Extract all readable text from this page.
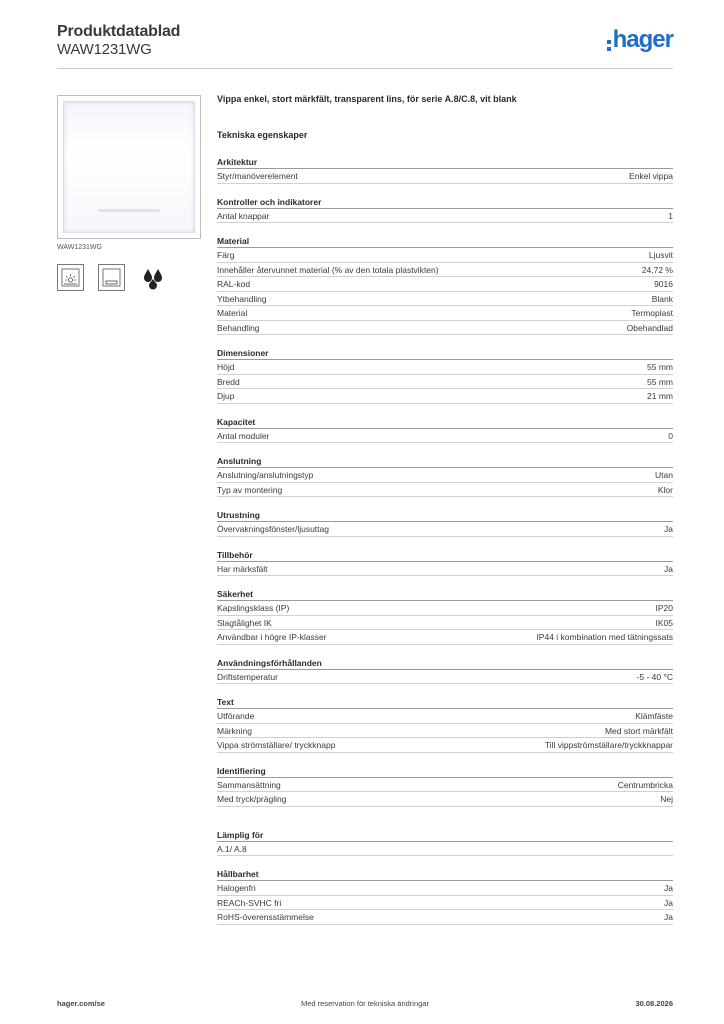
Produktdatablad
WAW1231WG	hager
WAW1231WG
Vippa enkel, stort märkfält, transparent lins, för serie A.8/C.8, vit blank
Tekniska egenskaper
Arkitektur
Styr/manöverelement	Enkel vippa
Kontroller och indikatorer
Antal knappar	1
Material
Färg	Ljusvit
Innehåller återvunnet material (% av den totala plastvikten)	24,72 %
RAL-kod	9016
Ytbehandling	Blank
Material	Termoplast
Behandling	Obehandlad
Dimensioner
Höjd	55 mm
Bredd	55 mm
Djup	21 mm
Kapacitet
Antal moduler	0
Anslutning
Anslutning/anslutningstyp	Utan
Typ av montering	Klor
Utrustning
Övervakningsfönster/ljusuttag	Ja
Tillbehör
Har märksfält	Ja
Säkerhet
Kapslingsklass (IP)	IP20
Slagtålighet IK	IK05
Användbar i högre IP-klasser	IP44 i kombination med tätningssats
Användningsförhållanden
Driftstemperatur	-5 - 40 °C
Text
Utförande	Klämfäste
Märkning	Med stort märkfält
Vippa strömställare/ tryckknapp	Till vippströmställare/tryckknappar
Identifiering
Sammansättning	Centrumbricka
Med tryck/prägling	Nej
Lämplig för
A.1/ A.8
Hållbarhet
Halogenfri	Ja
REACh-SVHC fri	Ja
RoHS-överensstämmelse	Ja
hager.com/se	Med reservation för tekniska ändringar	30.08.2026
